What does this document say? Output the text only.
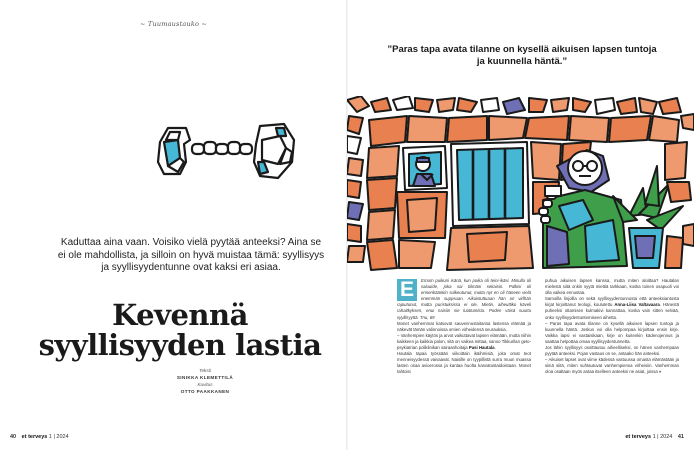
~ Tuumaustauko ~
Kaduttaa aina vaan. Voisiko vielä pyytää anteeksi? Aina se ei ole mahdollista, ja silloin on hyvä muistaa tämä: syyllisyys ja syyllisyydentunne ovat kaksi eri asiaa.
Kevennä
syyllisyyden lastia
Teksti
SINIKKA KLEMETTILÄ
Kuvitus
OTTO PAAKKANEN
40 et terveys 1 | 2024
”Paras tapa avata tilanne on kysellä aikuisen lapsen tuntoja ja kuunnella häntä.”
E	ErnoIn puikuni isänä, kun poika oli teini-ikäsi. Minulla oli saluuide, joka sai tiilmäni sekaisin. Palkisi oli ennenkäänkin sulkeutunut, mutta nyt en oli häneen vielä enemmän suppsuan. Aikuistuttuaan hän on vidhän rajoutunut, mutta puristuksissa ei ole. Mietin, aiheuttiko käveli rahaitkyksen, enui naisiin sie luottumista. Poden väisä suurta syyllisyyttä. Tnu, 69

Monet vanhemmat katsovat sauvennustaitansa lastensa elämää ja näkevät tämän valinnoissa omien virheidensä seurauksia.

– Vanhempien käytös ja arvot vaikuttavat lapsen elämään, mutta niihin kaikkeen ja kaikkia palon, sitä on vaikea mittaa, sanoo Tikkurilan geto-psykiatrian poliklinikan sairaanhoitaja Pasi Hautala.

Hautala tapaa työssään viikoittain ikäihmisiä, joita omat teot menneisyydessä vaivaavat. Naisille on tyypillistä surra muun muassa lasten osaa avioerossa ja kantaa huolta kasvatustaidoistaan. Monet tahtoisi

puhua aikuisen lapsen kanssa, mutta miten aloittaa? Hautalan mielestä siitä onkin syytä miettiä tarkkaan, koska toinen osapuoli voi olla vaikea ennustaa.

Samoilla linjoilla on sekä syyllisyydentunnosta että anteeksiantosta kirjat kirjoittanut teologi, koulutettu Anna-Liisa Valtavaara. Hänestä puheeksi ottamisen kulmakivi kannattaa, koska vain sitten selvää, onko syyllisyydentuntemiseen aihetta.

– Paras tapa avata tilanne on kysellä aikuisen lapsen tuntoja ja kuunnella häntä. Joskus voi olla helpompaa kirjoittaa ensin kirje. Vaikka lapsi ei vastaisikaan, kirje on kuitenkin kädenojennus ja saattaa helpottaa omaa syyllisyydentunnetta.

Jos lähin syyllisyys osoittautuu aiheelliseksi, on hänen vanhempaan pyytää anteeksi. Pojan vastaus on se, antaako hän anteeksi.

– Aikuiset lapset ovat viime kädessä vastuussa omasta elämästään ja siinä siitä, miten suhtautuvat vanhempiensa virheisiin. Vanhemman oloa osaltaan myös antaa itselleen anteeksi ne asiat, joissa »

et terveys 1 | 2024 41
